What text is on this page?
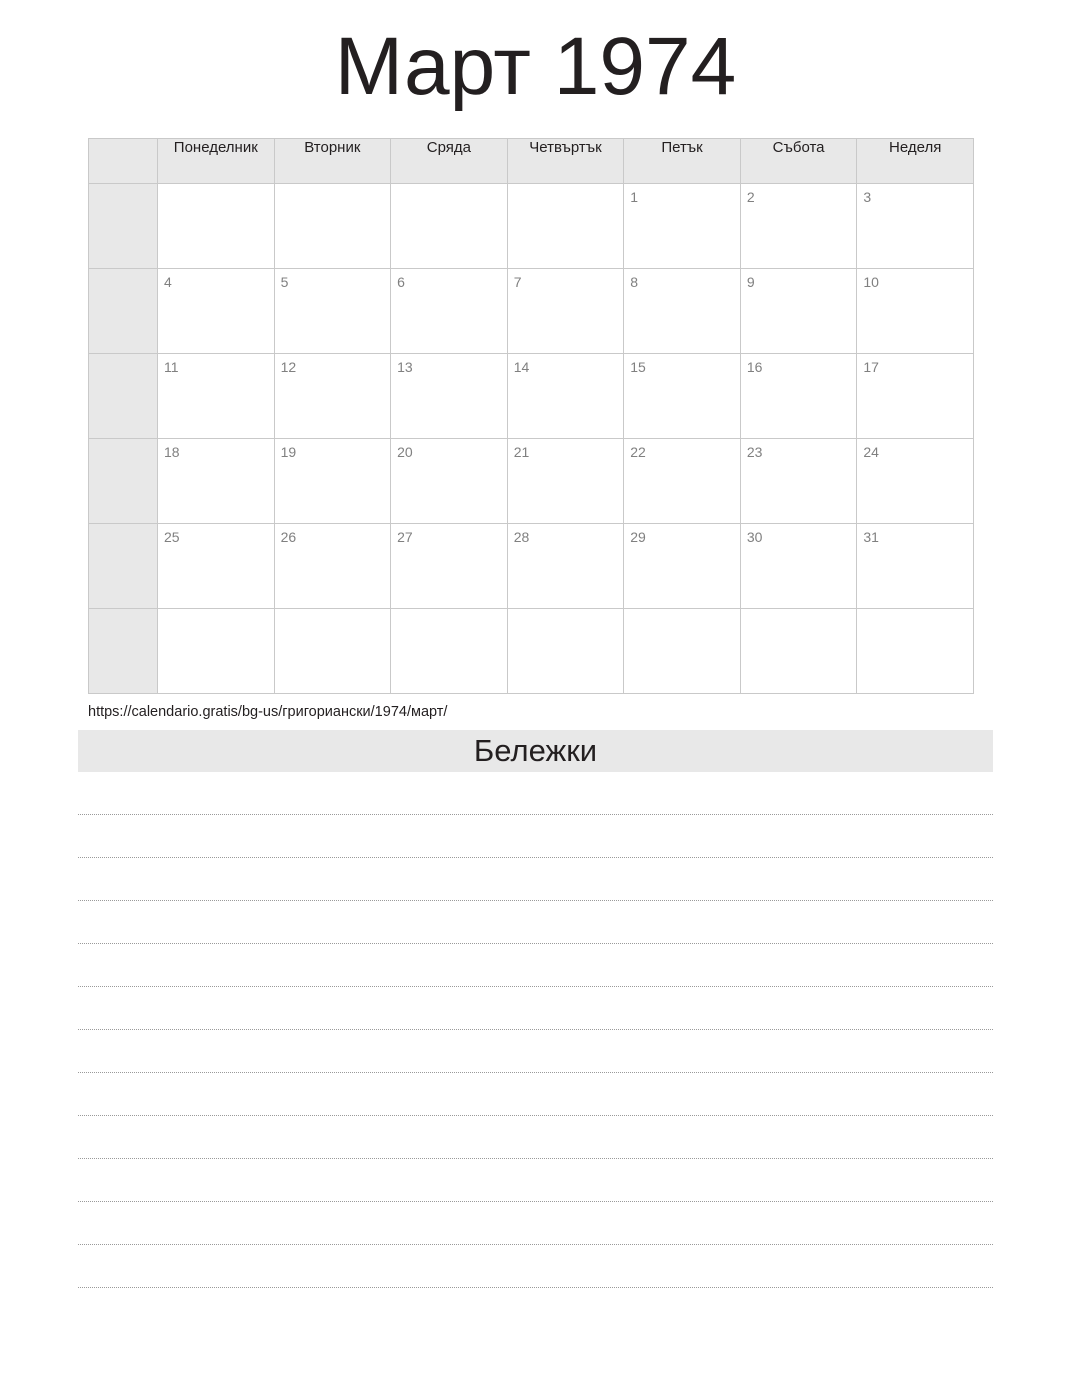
Март 1974
	Понеделник	Вторник	Сряда	Четвъртък	Петък	Събота	Неделя

					1	2	3

	4	5	6	7	8	9	10

	11	12	13	14	15	16	17

	18	19	20	21	22	23	24

	25	26	27	28	29	30	31

https://calendario.gratis/bg-us/григориански/1974/март/
Бележки
